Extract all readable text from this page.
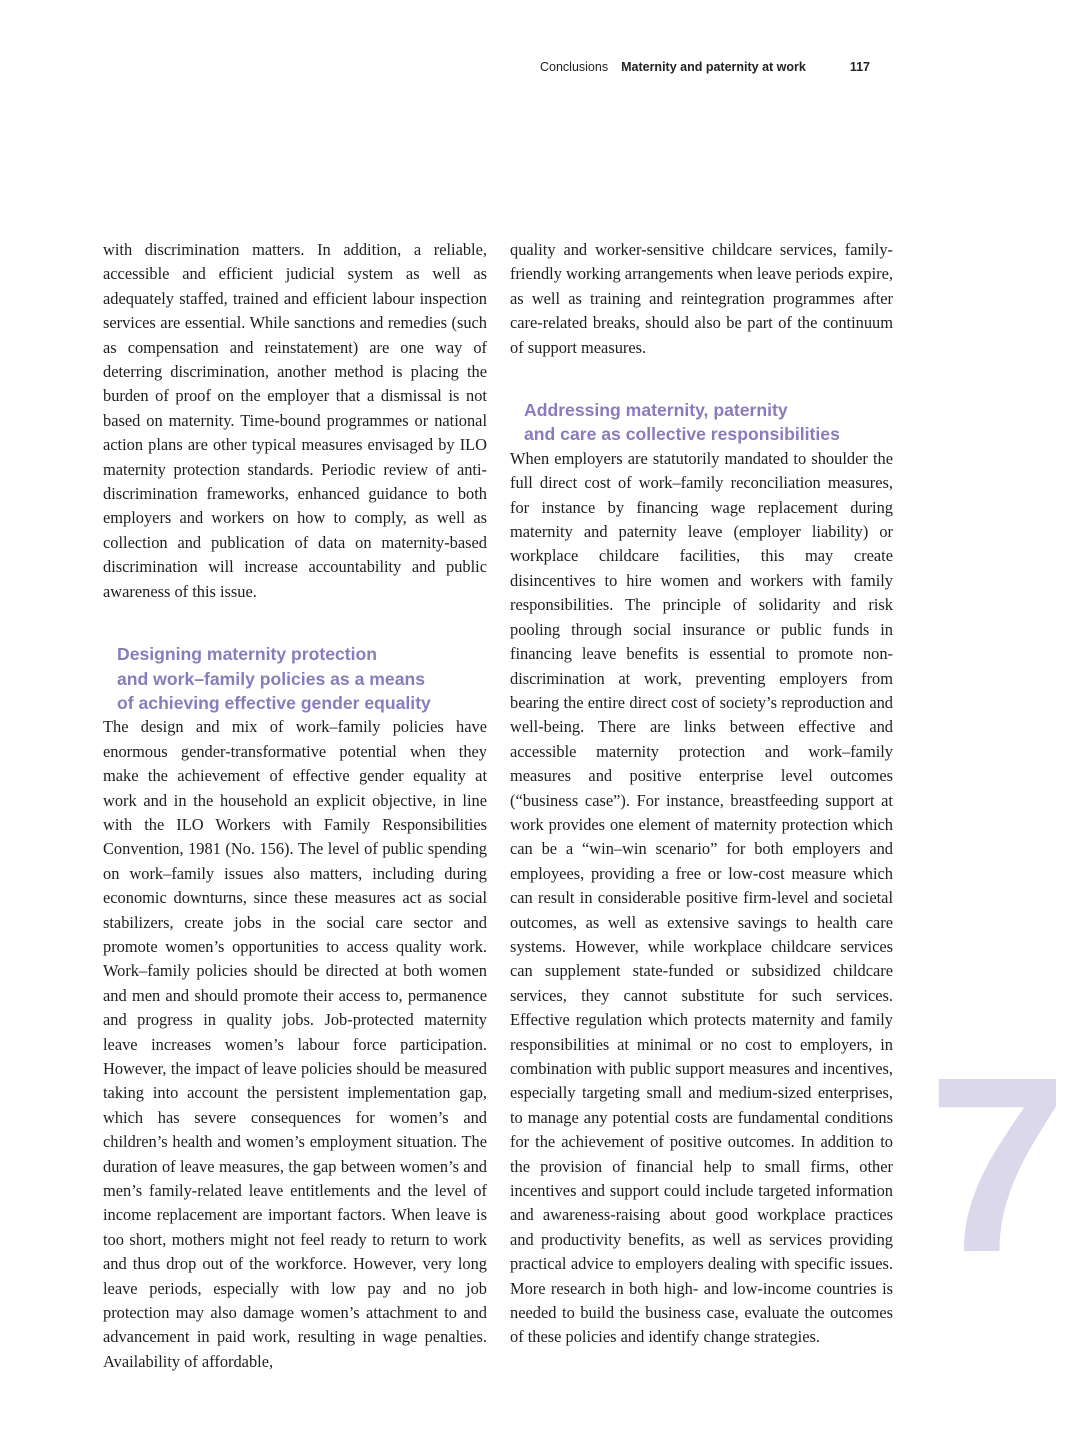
Conclusions Maternity and paternity at work	117

with discrimination matters. In addition, a reliable, accessible and efficient judicial system as well as adequately staffed, trained and efficient labour inspection services are essential. While sanctions and remedies (such as compensation and reinstatement) are one way of deterring discrimination, another method is placing the burden of proof on the employer that a dismissal is not based on maternity. Time-bound programmes or national action plans are other typical measures envisaged by ILO maternity protection standards. Periodic review of anti-discrimination frameworks, enhanced guidance to both employers and workers on how to comply, as well as collection and publication of data on maternity-based discrimination will increase accountability and public awareness of this issue.

Designing maternity protection
and work–family policies as a means
of achieving effective gender equality

The design and mix of work–family policies have enormous gender-transformative potential when they make the achievement of effective gender equality at work and in the household an explicit objective, in line with the ILO Workers with Family Responsibilities Convention, 1981 (No. 156). The level of public spending on work–family issues also matters, including during economic downturns, since these measures act as social stabilizers, create jobs in the social care sector and promote women’s opportunities to access quality work. Work–family policies should be directed at both women and men and should promote their access to, permanence and progress in quality jobs. Job-protected maternity leave increases women’s labour force participation. However, the impact of leave policies should be measured taking into account the persistent implementation gap, which has severe consequences for women’s and children’s health and women’s employment situation. The duration of leave measures, the gap between women’s and men’s family-related leave entitlements and the level of income replacement are important factors. When leave is too short, mothers might not feel ready to return to work and thus drop out of the workforce. However, very long leave periods, especially with low pay and no job protection may also damage women’s attachment to and advancement in paid work, resulting in wage penalties. Availability of affordable,

quality and worker-sensitive childcare services, family-friendly working arrangements when leave periods expire, as well as training and reintegration programmes after care-related breaks, should also be part of the continuum of support measures.

Addressing maternity, paternity
and care as collective responsibilities

When employers are statutorily mandated to shoulder the full direct cost of work–family reconciliation measures, for instance by financing wage replacement during maternity and paternity leave (employer liability) or workplace childcare facilities, this may create disincentives to hire women and workers with family responsibilities. The principle of solidarity and risk pooling through social insurance or public funds in financing leave benefits is essential to promote non-discrimination at work, preventing employers from bearing the entire direct cost of society’s reproduction and well-being. There are links between effective and accessible maternity protection and work–family measures and positive enterprise level outcomes (“business case”). For instance, breastfeeding support at work provides one element of maternity protection which can be a “win–win scenario” for both employers and employees, providing a free or low-cost measure which can result in considerable positive firm-level and societal outcomes, as well as extensive savings to health care systems. However, while workplace childcare services can supplement state-funded or subsidized childcare services, they cannot substitute for such services. Effective regulation which protects maternity and family responsibilities at minimal or no cost to employers, in combination with public support measures and incentives, especially targeting small and medium-sized enterprises, to manage any potential costs are fundamental conditions for the achievement of positive outcomes. In addition to the provision of financial help to small firms, other incentives and support could include targeted information and awareness-raising about good workplace practices and productivity benefits, as well as services providing practical advice to employers dealing with specific issues. More research in both high- and low-income countries is needed to build the business case, evaluate the outcomes of these policies and identify change strategies.

7
